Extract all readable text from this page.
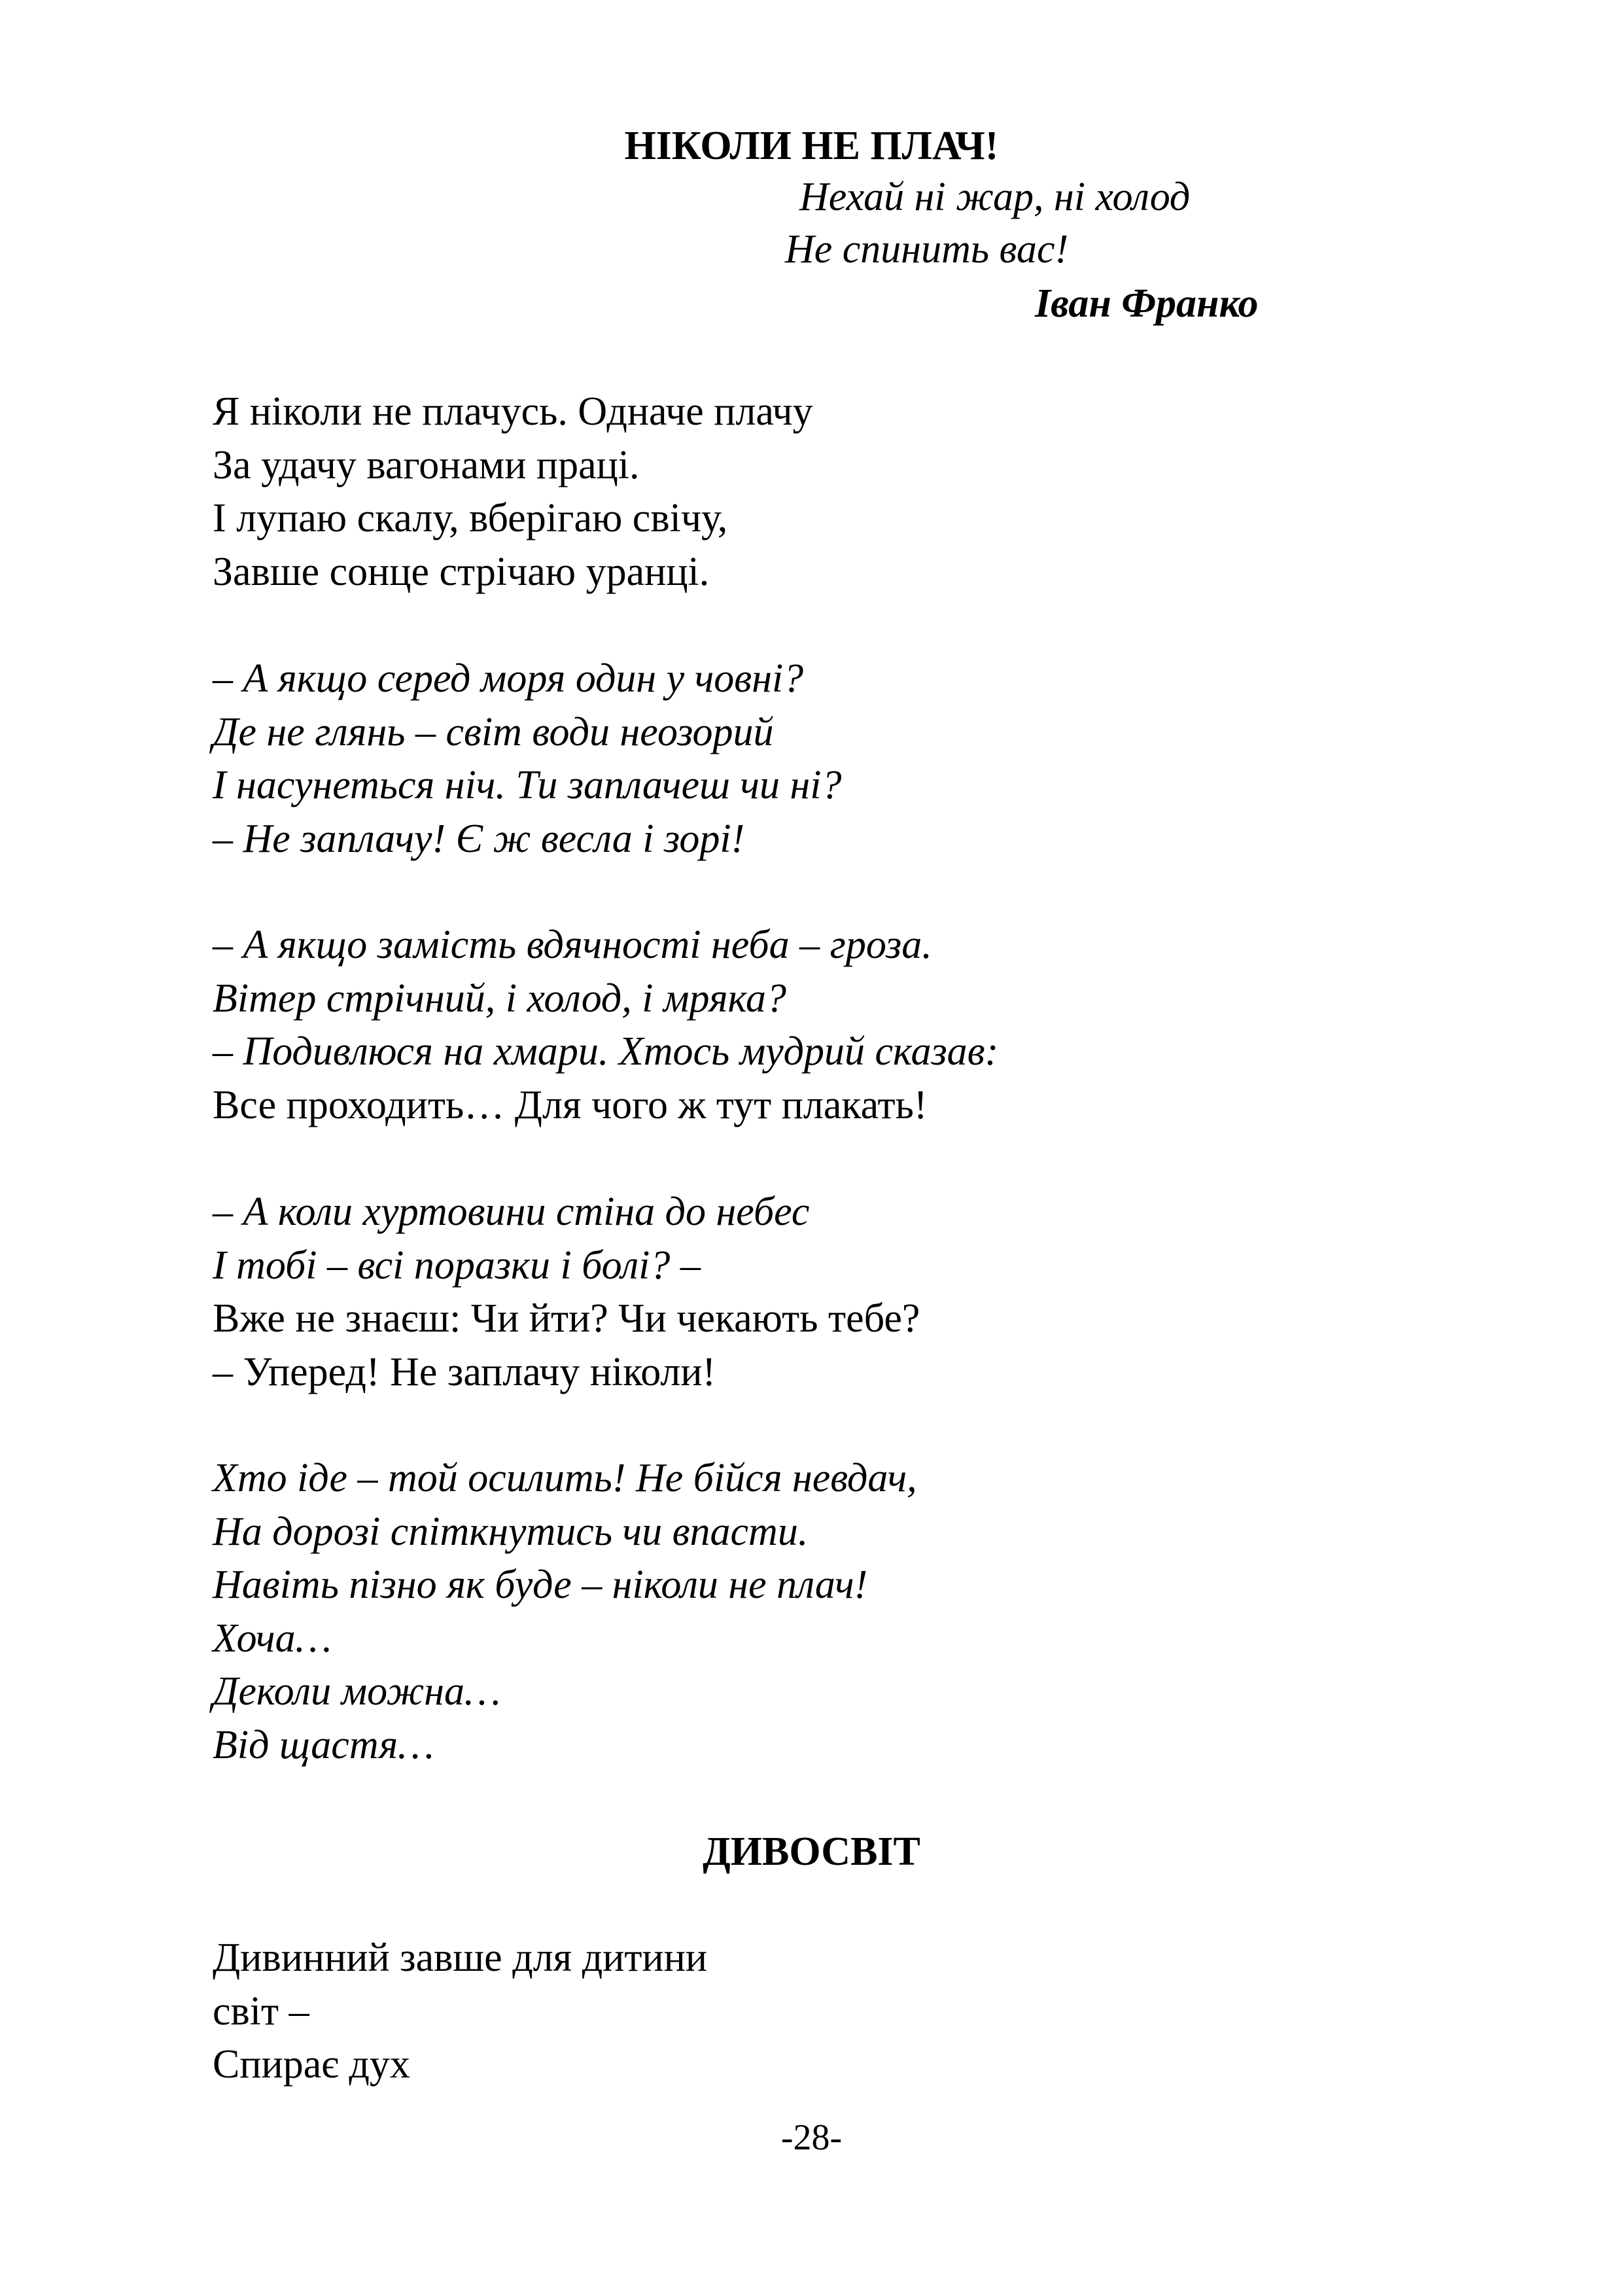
НІКОЛИ НЕ ПЛАЧ!

Нехай ні жар, ні холод

Не спинить вас!

Іван Франко

Я ніколи не плачусь. Одначе плачу
За удачу вагонами праці.
І лупаю скалу, вберігаю свічу,
Завше сонце стрічаю уранці.
– А якщо серед моря один у човні?
Де не глянь – світ води неозорий
І насунеться ніч. Ти заплачеш чи ні?
– Не заплачу! Є ж весла і зорі!
– А якщо замість вдячності неба – гроза.
Вітер стрічний, і холод, і мряка?
– Подивлюся на хмари. Хтось мудрий сказав:
Все проходить… Для чого ж тут плакать!
– А коли хуртовини стіна до небес
І тобі – всі поразки і болі? –
Вже не знаєш: Чи йти? Чи чекають тебе?
– Уперед! Не заплачу ніколи!
Хто іде – той осилить! Не бійся невдач,
На дорозі спіткнутись чи впасти.
Навіть пізно як буде – ніколи не плач!
Хоча…
Деколи можна…
Від щастя…
ДИВОСВІТ
Дивинний завше для дитини
світ –
Спирає дух

-28-
